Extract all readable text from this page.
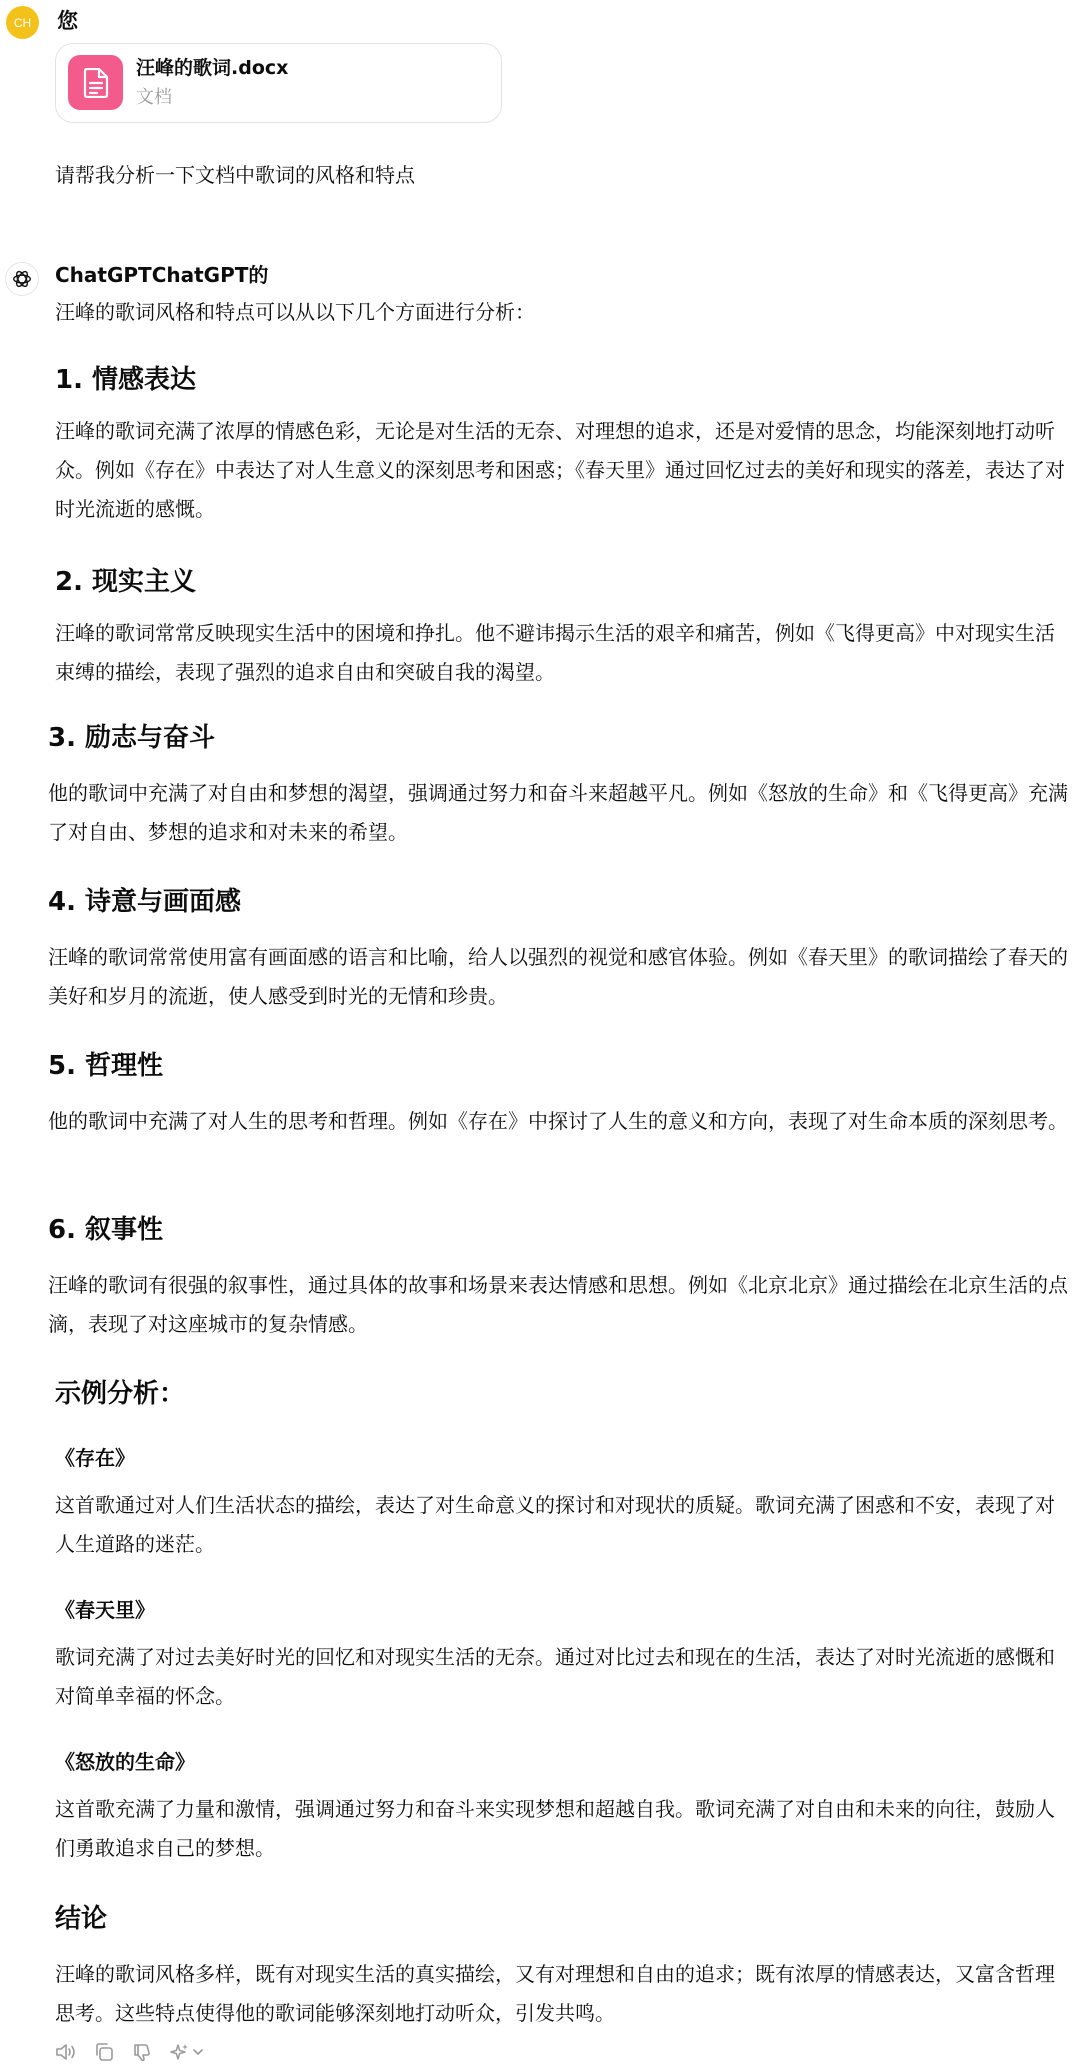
CH	您
汪峰的歌词.docx
文档
请帮我分析一下文档中歌词的风格和特点
ChatGPTChatGPT的
汪峰的歌词风格和特点可以从以下几个方面进行分析：
1. 情感表达

汪峰的歌词充满了浓厚的情感色彩，无论是对生活的无奈、对理想的追求，还是对爱情的思念，均能深刻地打动听众。例如《存在》中表达了对人生意义的深刻思考和困惑；《春天里》通过回忆过去的美好和现实的落差，表达了对时光流逝的感慨。

2. 现实主义

汪峰的歌词常常反映现实生活中的困境和挣扎。他不避讳揭示生活的艰辛和痛苦，例如《飞得更高》中对现实生活束缚的描绘，表现了强烈的追求自由和突破自我的渴望。

3. 励志与奋斗

他的歌词中充满了对自由和梦想的渴望，强调通过努力和奋斗来超越平凡。例如《怒放的生命》和《飞得更高》充满了对自由、梦想的追求和对未来的希望。

4. 诗意与画面感

汪峰的歌词常常使用富有画面感的语言和比喻，给人以强烈的视觉和感官体验。例如《春天里》的歌词描绘了春天的美好和岁月的流逝，使人感受到时光的无情和珍贵。

5. 哲理性

他的歌词中充满了对人生的思考和哲理。例如《存在》中探讨了人生的意义和方向，表现了对生命本质的深刻思考。

6. 叙事性

汪峰的歌词有很强的叙事性，通过具体的故事和场景来表达情感和思想。例如《北京北京》通过描绘在北京生活的点滴，表现了对这座城市的复杂情感。

示例分析：
《存在》

这首歌通过对人们生活状态的描绘，表达了对生命意义的探讨和对现状的质疑。歌词充满了困惑和不安，表现了对人生道路的迷茫。

《春天里》

歌词充满了对过去美好时光的回忆和对现实生活的无奈。通过对比过去和现在的生活，表达了对时光流逝的感慨和对简单幸福的怀念。

《怒放的生命》

这首歌充满了力量和激情，强调通过努力和奋斗来实现梦想和超越自我。歌词充满了对自由和未来的向往，鼓励人们勇敢追求自己的梦想。

结论

汪峰的歌词风格多样，既有对现实生活的真实描绘，又有对理想和自由的追求；既有浓厚的情感表达，又富含哲理思考。这些特点使得他的歌词能够深刻地打动听众，引发共鸣。
